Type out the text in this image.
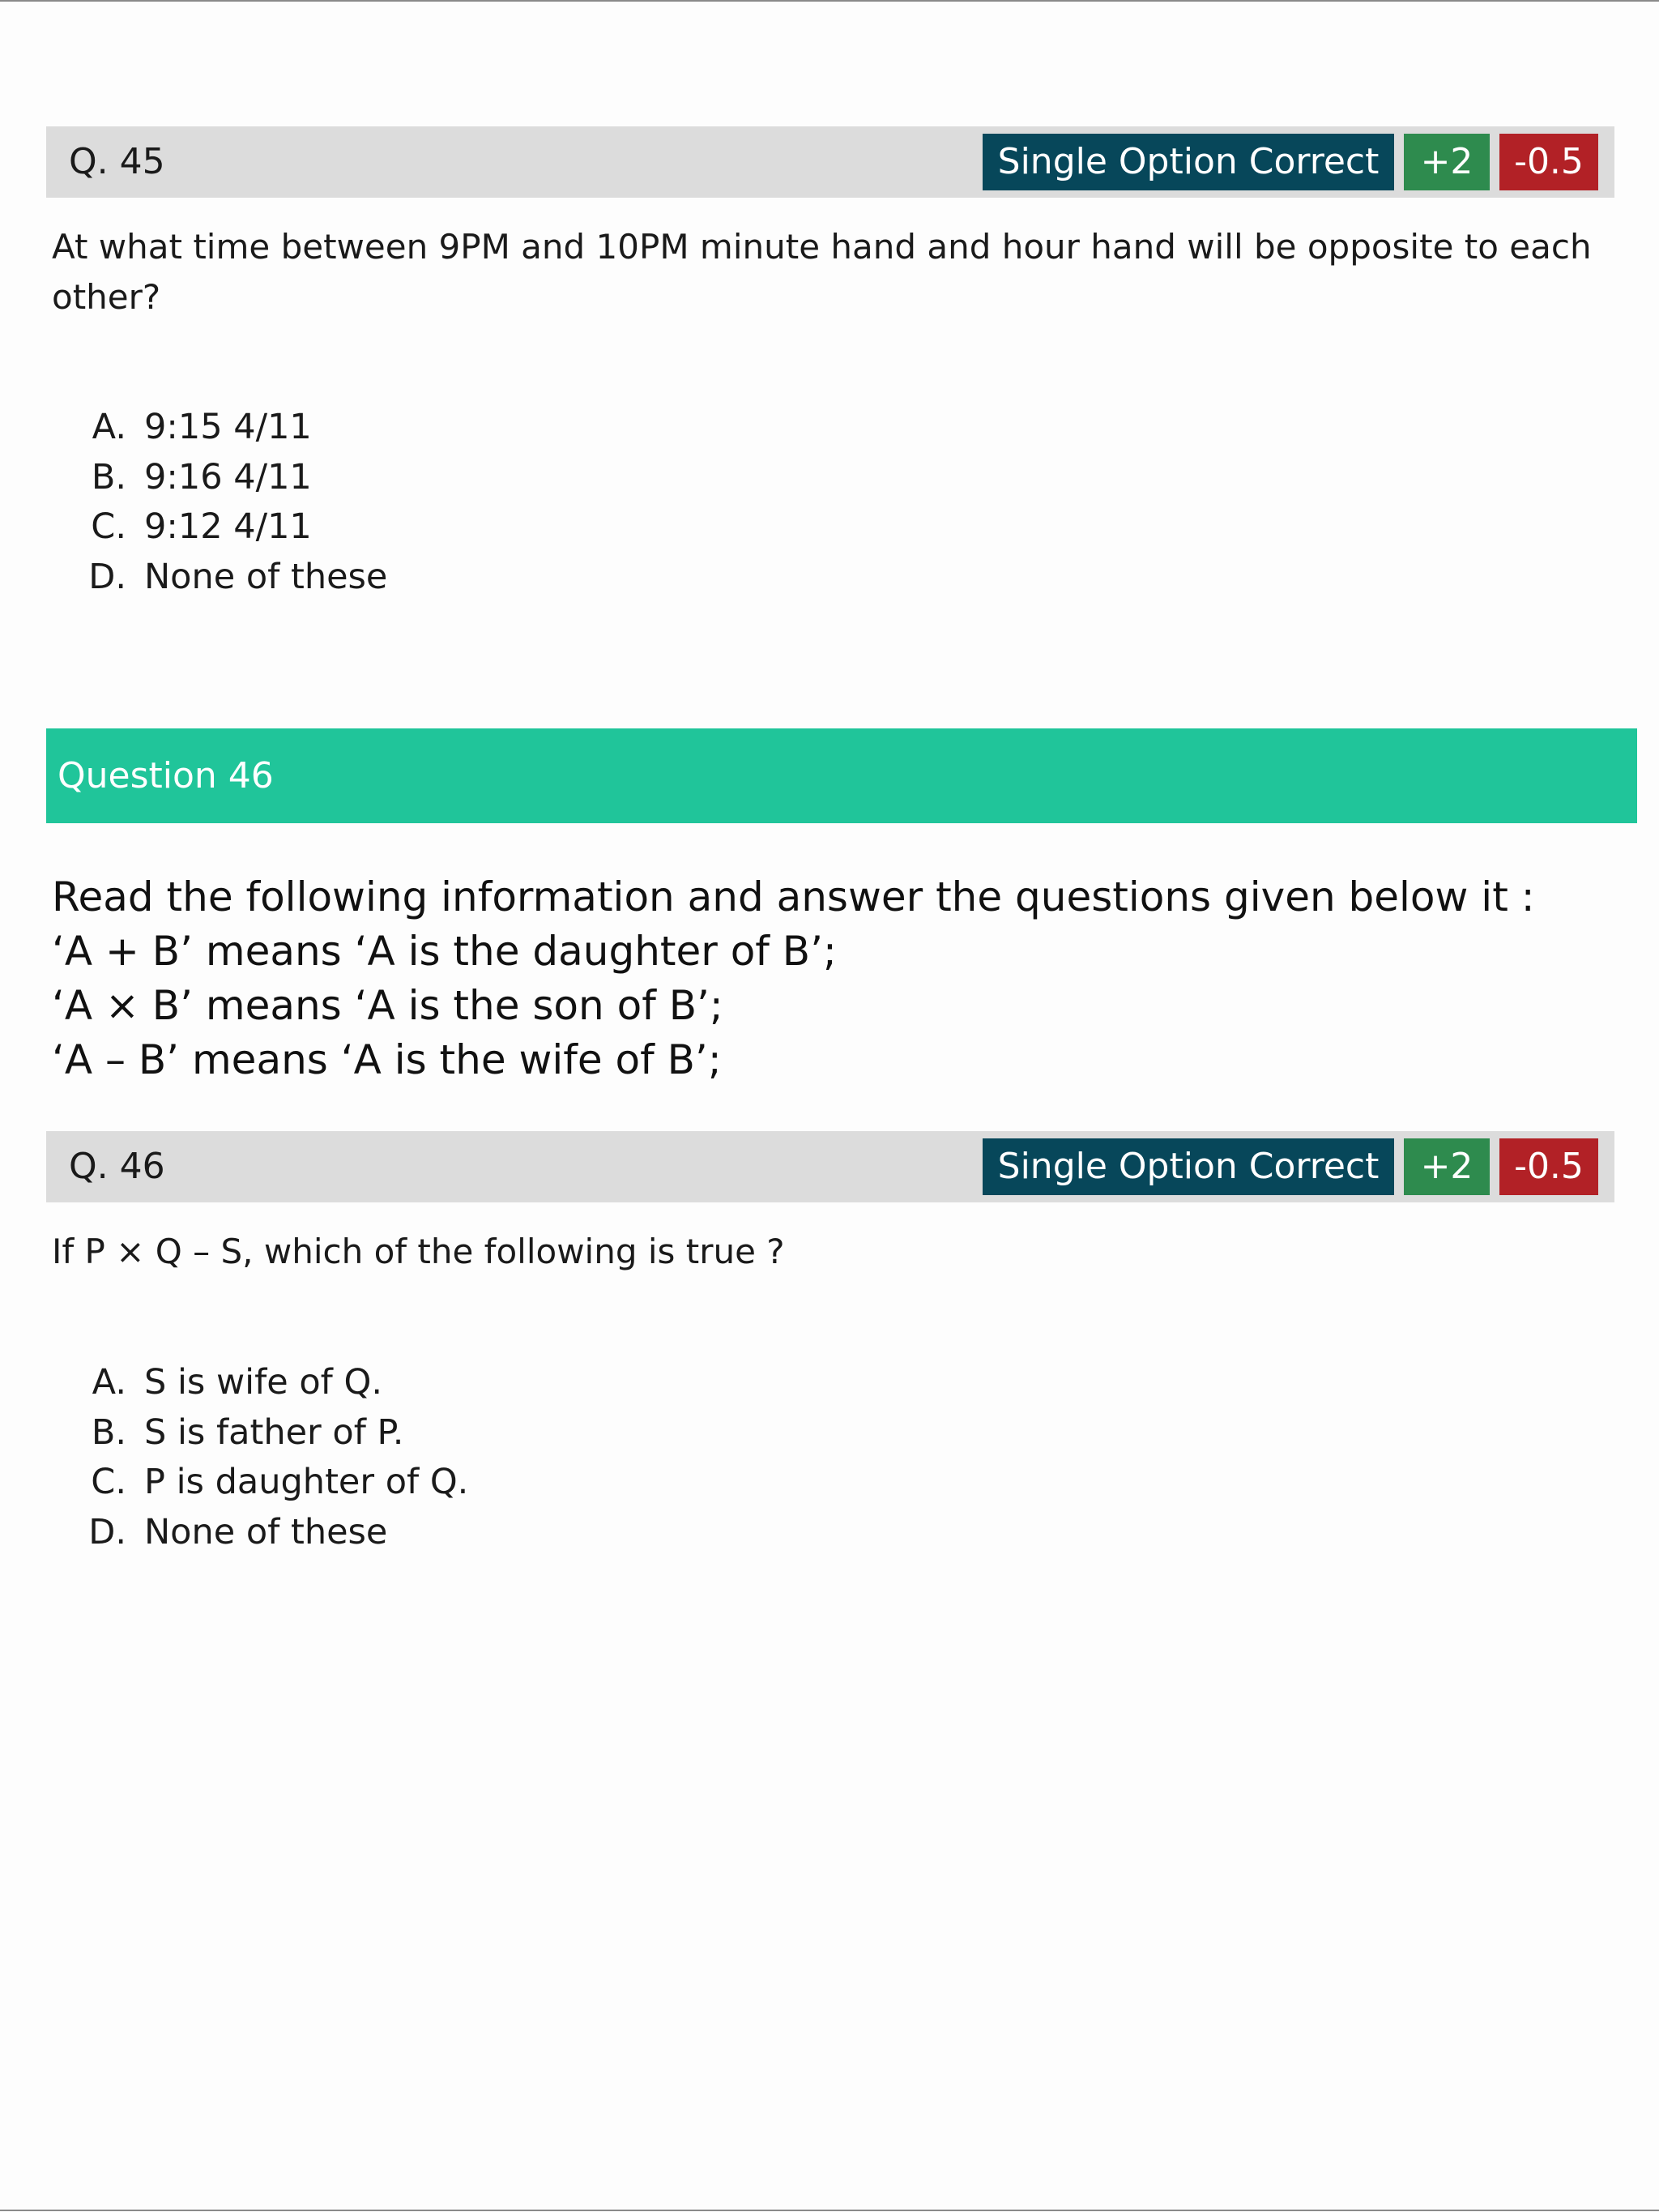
Q. 45	Single Option Correct	+2	-0.5

At what time between 9PM and 10PM minute hand and hour hand will be opposite to each other?

A. 9:15 4/11
B. 9:16 4/11
C. 9:12 4/11
D. None of these
Question 46
Read the following information and answer the questions given below it :
‘A + B’ means ‘A is the daughter of B’;
‘A × B’ means ‘A is the son of B’;
‘A – B’ means ‘A is the wife of B’;
Q. 46	Single Option Correct	+2	-0.5

If P × Q – S, which of the following is true ?

A. S is wife of Q.
B. S is father of P.
C. P is daughter of Q.
D. None of these
